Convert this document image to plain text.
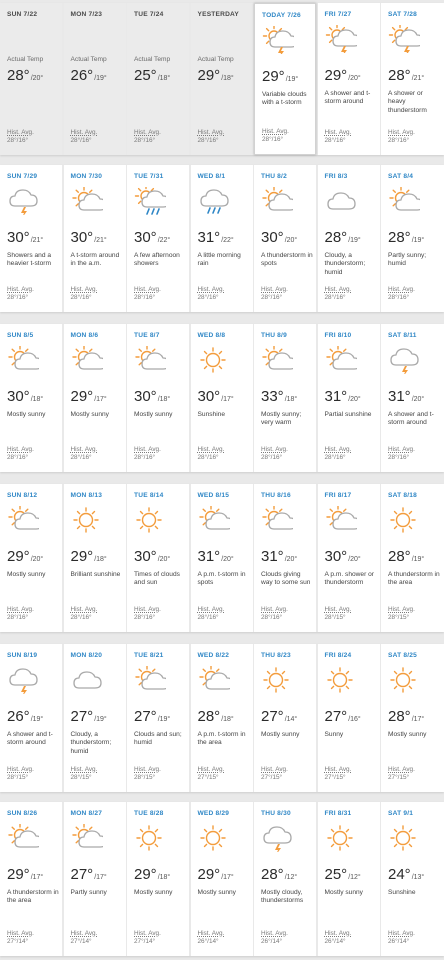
SUN 7/22
Actual Temp
28°/20°
Hist. Avg.
28°/16°
MON 7/23
Actual Temp
26°/19°
Hist. Avg.
28°/16°
TUE 7/24
Actual Temp
25°/18°
Hist. Avg.
28°/16°
YESTERDAY
Actual Temp
29°/18°
Hist. Avg.
28°/16°
TODAY 7/26
29°/19°
Variable clouds with a t-storm
Hist. Avg.
28°/16°
FRI 7/27
29°/20°
A shower and t-storm around
Hist. Avg.
28°/16°
SAT 7/28
28°/21°
A shower or heavy thunderstorm
Hist. Avg.
28°/16°
SUN 7/29
30°/21°
Showers and a heavier t-storm
Hist. Avg.
28°/16°
MON 7/30
30°/21°
A t-storm around in the a.m.
Hist. Avg.
28°/16°
TUE 7/31
30°/22°
A few afternoon showers
Hist. Avg.
28°/16°
WED 8/1
31°/22°
A little morning rain
Hist. Avg.
28°/16°
THU 8/2
30°/20°
A thunderstorm in spots
Hist. Avg.
28°/16°
FRI 8/3
28°/19°
Cloudy, a thunderstorm; humid
Hist. Avg.
28°/16°
SAT 8/4
28°/19°
Partly sunny; humid
Hist. Avg.
28°/16°
SUN 8/5
30°/18°
Mostly sunny
Hist. Avg.
28°/16°
MON 8/6
29°/17°
Mostly sunny
Hist. Avg.
28°/16°
TUE 8/7
30°/18°
Mostly sunny
Hist. Avg.
28°/16°
WED 8/8
30°/17°
Sunshine
Hist. Avg.
28°/16°
THU 8/9
33°/18°
Mostly sunny; very warm
Hist. Avg.
28°/16°
FRI 8/10
31°/20°
Partial sunshine
Hist. Avg.
28°/16°
SAT 8/11
31°/20°
A shower and t-storm around
Hist. Avg.
28°/16°
SUN 8/12
29°/20°
Mostly sunny
Hist. Avg.
28°/16°
MON 8/13
29°/18°
Brilliant sunshine
Hist. Avg.
28°/16°
TUE 8/14
30°/20°
Times of clouds and sun
Hist. Avg.
28°/16°
WED 8/15
31°/20°
A p.m. t-storm in spots
Hist. Avg.
28°/16°
THU 8/16
31°/20°
Clouds giving way to some sun
Hist. Avg.
28°/16°
FRI 8/17
30°/20°
A p.m. shower or thunderstorm
Hist. Avg.
28°/15°
SAT 8/18
28°/19°
A thunderstorm in the area
Hist. Avg.
28°/15°
SUN 8/19
26°/19°
A shower and t-storm around
Hist. Avg.
28°/15°
MON 8/20
27°/19°
Cloudy, a thunderstorm; humid
Hist. Avg.
28°/15°
TUE 8/21
27°/19°
Clouds and sun; humid
Hist. Avg.
28°/15°
WED 8/22
28°/18°
A p.m. t-storm in the area
Hist. Avg.
27°/15°
THU 8/23
27°/14°
Mostly sunny
Hist. Avg.
27°/15°
FRI 8/24
27°/16°
Sunny
Hist. Avg.
27°/15°
SAT 8/25
28°/17°
Mostly sunny
Hist. Avg.
27°/15°
SUN 8/26
29°/17°
A thunderstorm in the area
Hist. Avg.
27°/14°
MON 8/27
27°/17°
Partly sunny
Hist. Avg.
27°/14°
TUE 8/28
29°/18°
Mostly sunny
Hist. Avg.
27°/14°
WED 8/29
29°/17°
Mostly sunny
Hist. Avg.
26°/14°
THU 8/30
28°/12°
Mostly cloudy, thunderstorms
Hist. Avg.
26°/14°
FRI 8/31
25°/12°
Mostly sunny
Hist. Avg.
26°/14°
SAT 9/1
24°/13°
Sunshine
Hist. Avg.
26°/14°
